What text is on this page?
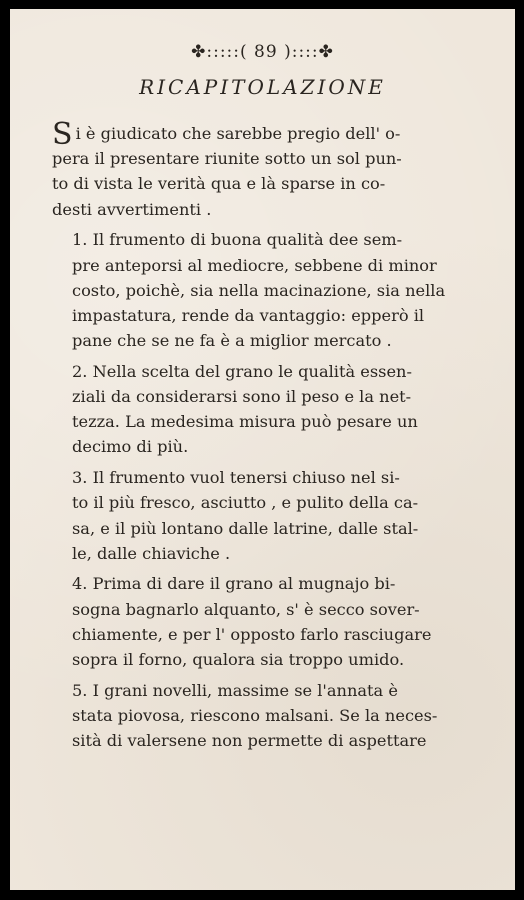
✤:::::( 89 )::::✤
RICAPITOLAZIONE

Si è giudicato che sarebbe pregio dell' o-
pera il presentare riunite sotto un sol pun-
to di vista le verità qua e là sparse in co-
desti avvertimenti .

1. Il frumento di buona qualità dee sem-
pre anteporsi al mediocre, sebbene di minor
costo, poichè, sia nella macinazione, sia nella
impastatura, rende da vantaggio: epperò il
pane che se ne fa è a miglior mercato .

2. Nella scelta del grano le qualità essen-
ziali da considerarsi sono il peso e la net-
tezza. La medesima misura può pesare un
decimo di più.

3. Il frumento vuol tenersi chiuso nel si-
to il più fresco, asciutto , e pulito della ca-
sa, e il più lontano dalle latrine, dalle stal-
le, dalle chiaviche .

4. Prima di dare il grano al mugnajo bi-
sogna bagnarlo alquanto, s' è secco sover-
chiamente, e per l' opposto farlo rasciugare
sopra il forno, qualora sia troppo umido.

5. I grani novelli, massime se l'annata è
stata piovosa, riescono malsani. Se la neces-
sità di valersene non permette di aspettare
